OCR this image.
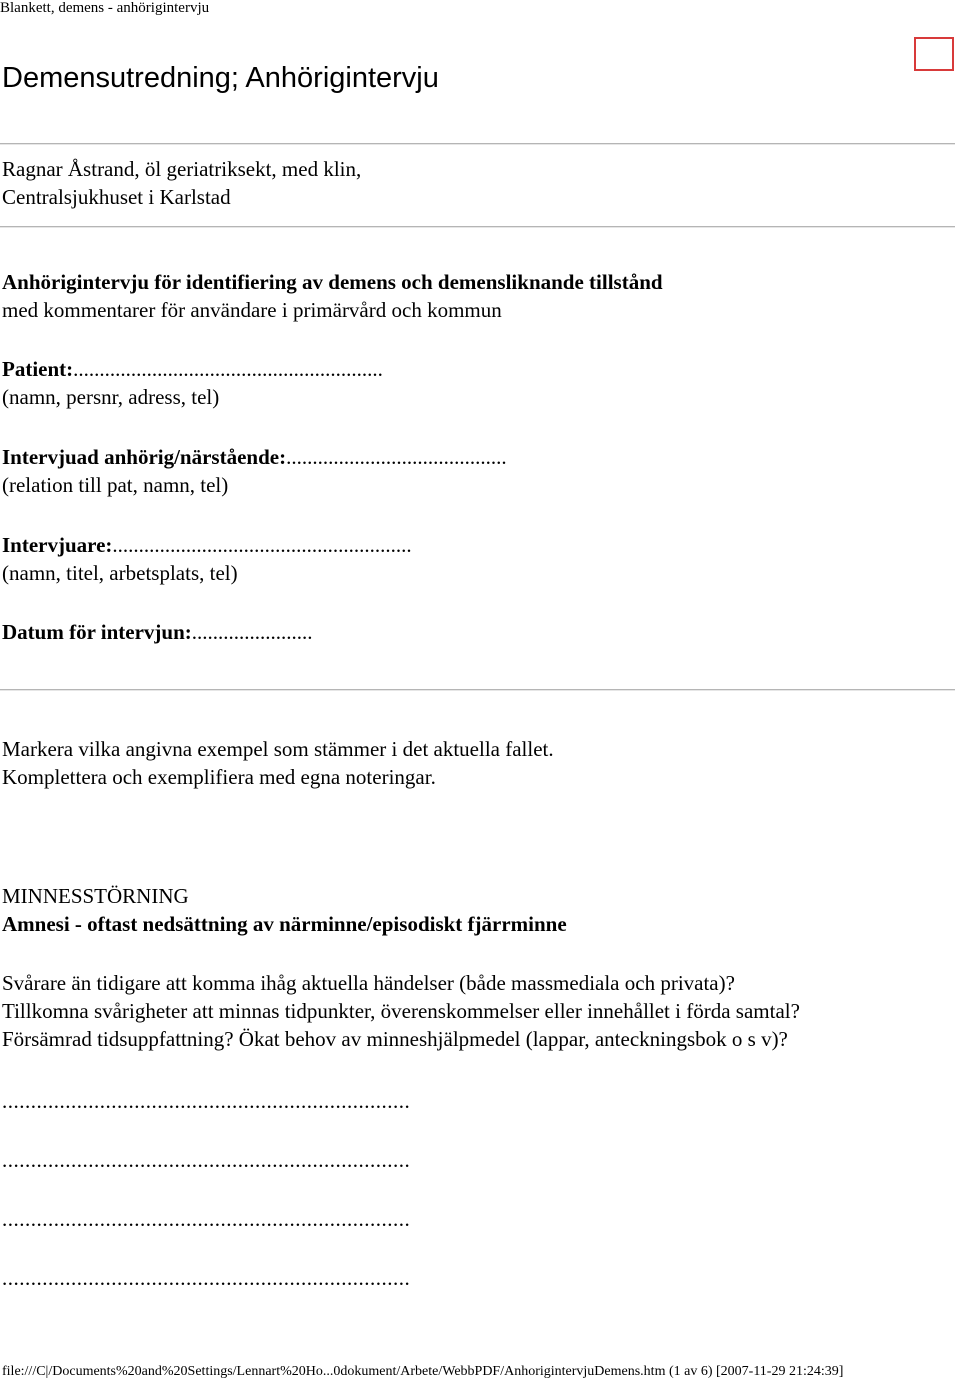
Blankett, demens - anhörigintervju
Demensutredning; Anhörigintervju
Ragnar Åstrand, öl geriatriksekt, med klin,
Centralsjukhuset i Karlstad
Anhörigintervju för identifiering av demens och demensliknande tillstånd
med kommentarer för användare i primärvård och kommun
Patient:...........................................................
(namn, persnr, adress, tel)
Intervjuad anhörig/närstående:..........................................
(relation till pat, namn, tel)
Intervjuare:.........................................................
(namn, titel, arbetsplats, tel)
Datum för intervjun:.......................
Markera vilka angivna exempel som stämmer i det aktuella fallet.
Komplettera och exemplifiera med egna noteringar.
MINNESSTÖRNING
Amnesi - oftast nedsättning av närminne/episodiskt fjärrminne
Svårare än tidigare att komma ihåg aktuella händelser (både massmediala och privata)?
Tillkomna svårigheter att minnas tidpunkter, överenskommelser eller innehållet i förda samtal?
Försämrad tidsuppfattning? Ökat behov av minneshjälpmedel (lappar, anteckningsbok o s v)?
.......................................................................
.......................................................................
.......................................................................
.......................................................................
file:///C|/Documents%20and%20Settings/Lennart%20Ho...0dokument/Arbete/WebbPDF/AnhorigintervjuDemens.htm (1 av 6) [2007-11-29 21:24:39]
